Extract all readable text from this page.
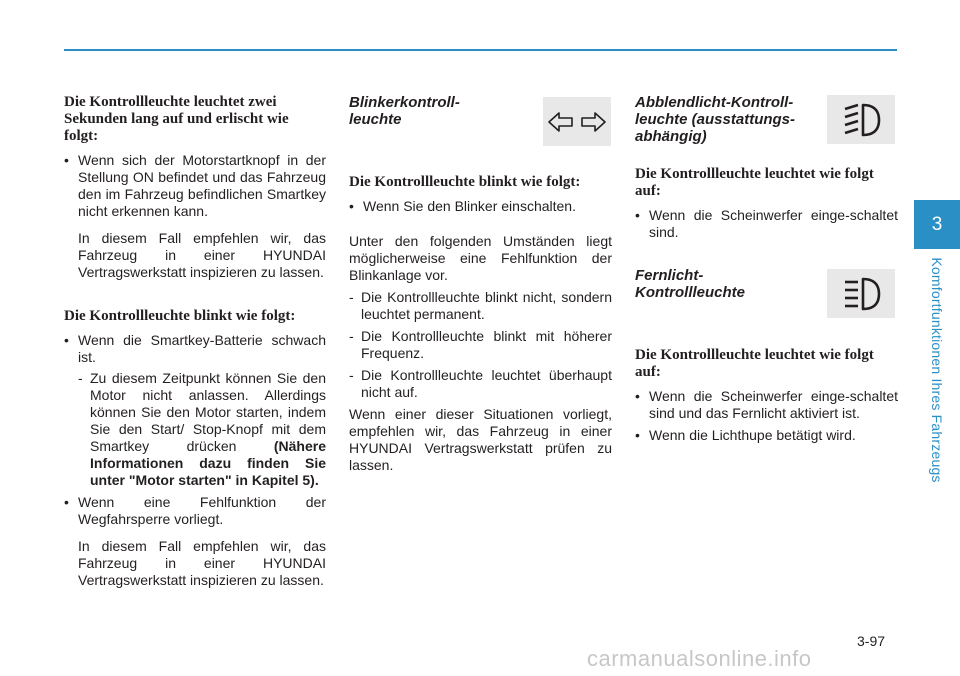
Die Kontrollleuchte leuchtet zwei Sekunden lang auf und erlischt wie folgt:

• Wenn sich der Motorstartknopf in der Stellung ON befindet und das Fahrzeug den im Fahrzeug befindlichen Smartkey nicht erkennen kann.

In diesem Fall empfehlen wir, das Fahrzeug in einer HYUNDAI Vertragswerkstatt inspizieren zu lassen.

Die Kontrollleuchte blinkt wie folgt:

• Wenn die Smartkey-Batterie schwach ist.

- Zu diesem Zeitpunkt können Sie den Motor nicht anlassen. Allerdings können Sie den Motor starten, indem Sie den Start/ Stop-Knopf mit dem Smartkey drücken	(Nähere Informationen dazu finden Sie unter "Motor starten" in Kapitel 5).

• Wenn eine Fehlfunktion der Wegfahrsperre vorliegt.

In diesem Fall empfehlen wir, das Fahrzeug in einer HYUNDAI Vertragswerkstatt inspizieren zu lassen.

Blinkerkontroll-
leuchte
Die Kontrollleuchte blinkt wie folgt:

• Wenn Sie den Blinker einschalten.

Unter den folgenden Umständen liegt möglicherweise eine Fehlfunktion der Blinkanlage vor.

- Die Kontrollleuchte blinkt nicht, sondern leuchtet permanent.

- Die Kontrollleuchte blinkt mit höherer Frequenz.

- Die Kontrollleuchte leuchtet überhaupt nicht auf.

Wenn einer dieser Situationen vorliegt, empfehlen wir, das Fahrzeug in einer HYUNDAI Vertragswerkstatt prüfen zu lassen.

Abblendlicht-Kontroll-
leuchte (ausstattungs-
abhängig)
Die Kontrollleuchte leuchtet wie folgt auf:

• Wenn die Scheinwerfer einge-schaltet sind.

Fernlicht-
Kontrollleuchte
Die Kontrollleuchte leuchtet wie folgt auf:

• Wenn die Scheinwerfer einge-schaltet sind und das Fernlicht aktiviert ist.

• Wenn die Lichthupe betätigt wird.

3
Komfortfunktionen Ihres Fahrzeugs
3-97
carmanualsonline.info
